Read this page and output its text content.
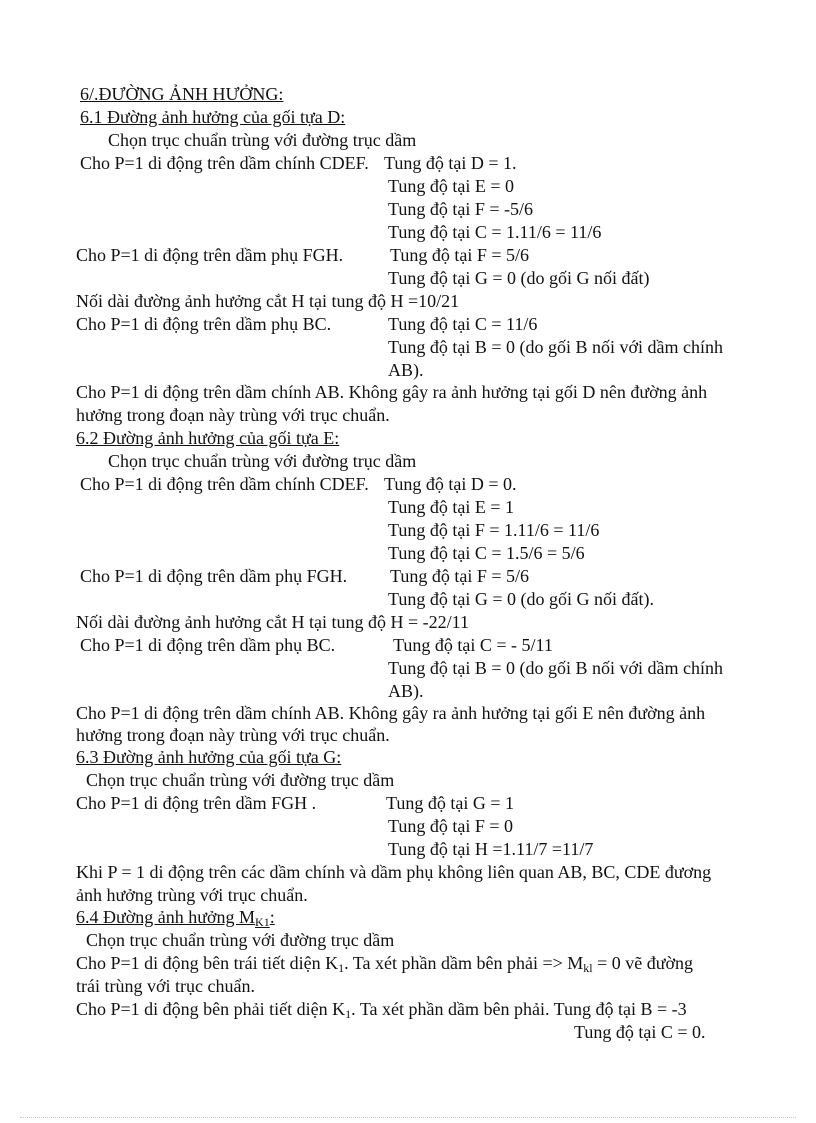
6/.ĐƯỜNG ẢNH HƯỞNG:
6.1 Đường ảnh hưởng của gối tựa D:
Chọn trục chuẩn trùng với đường trục dầm
Cho P=1 di động trên dầm chính CDEF. Tung độ tại D = 1.
Tung độ tại E = 0
Tung độ tại F = -5/6
Tung độ tại C = 1.11/6 = 11/6
Cho P=1 di động trên dầm phụ FGH.	Tung độ tại F = 5/6
Tung độ tại G = 0 (do gối G nối đất)
Nối dài đường ảnh hưởng cắt H tại tung độ H =10/21
Cho P=1 di động trên dầm phụ BC.	Tung độ tại C = 11/6
Tung độ tại B = 0 (do gối B nối với dầm chính
AB).
Cho P=1 di động trên dầm chính AB. Không gây ra ảnh hưởng tại gối D nên đường ảnh
hưởng trong đoạn này trùng với trục chuẩn.
6.2 Đường ảnh hưởng của gối tựa E:
Chọn trục chuẩn trùng với đường trục dầm
Cho P=1 di động trên dầm chính CDEF. Tung độ tại D = 0.
Tung độ tại E = 1
Tung độ tại F = 1.11/6 = 11/6
Tung độ tại C = 1.5/6 = 5/6
Cho P=1 di động trên dầm phụ FGH. Tung độ tại F = 5/6
Tung độ tại G = 0 (do gối G nối đất).
Nối dài đường ảnh hưởng cắt H tại tung độ H = -22/11
Cho P=1 di động trên dầm phụ BC.	Tung độ tại C = - 5/11
Tung độ tại B = 0 (do gối B nối với dầm chính
AB).
Cho P=1 di động trên dầm chính AB. Không gây ra ảnh hưởng tại gối E nên đường ảnh
hưởng trong đoạn này trùng với trục chuẩn.
6.3 Đường ảnh hưởng của gối tựa G:
Chọn trục chuẩn trùng với đường trục dầm
Cho P=1 di động trên dầm FGH .	Tung độ tại G = 1
Tung độ tại F = 0
Tung độ tại H =1.11/7 =11/7
Khi P = 1 di động trên các dầm chính và dầm phụ không liên quan AB, BC, CDE đương
ảnh hưởng trùng với trục chuẩn.
6.4 Đường ảnh hưởng $M_{K1}$:
Chọn trục chuẩn trùng với đường trục dầm
Cho P=1 di động bên trái tiết diện $K_1$. Ta xét phần dầm bên phải => $M_{kl} = 0$ vẽ đường
trái trùng với trục chuẩn.
Cho P=1 di động bên phải tiết diện $K_1$. Ta xét phần dầm bên phải. Tung độ tại B = -3
Tung độ tại C = 0.
